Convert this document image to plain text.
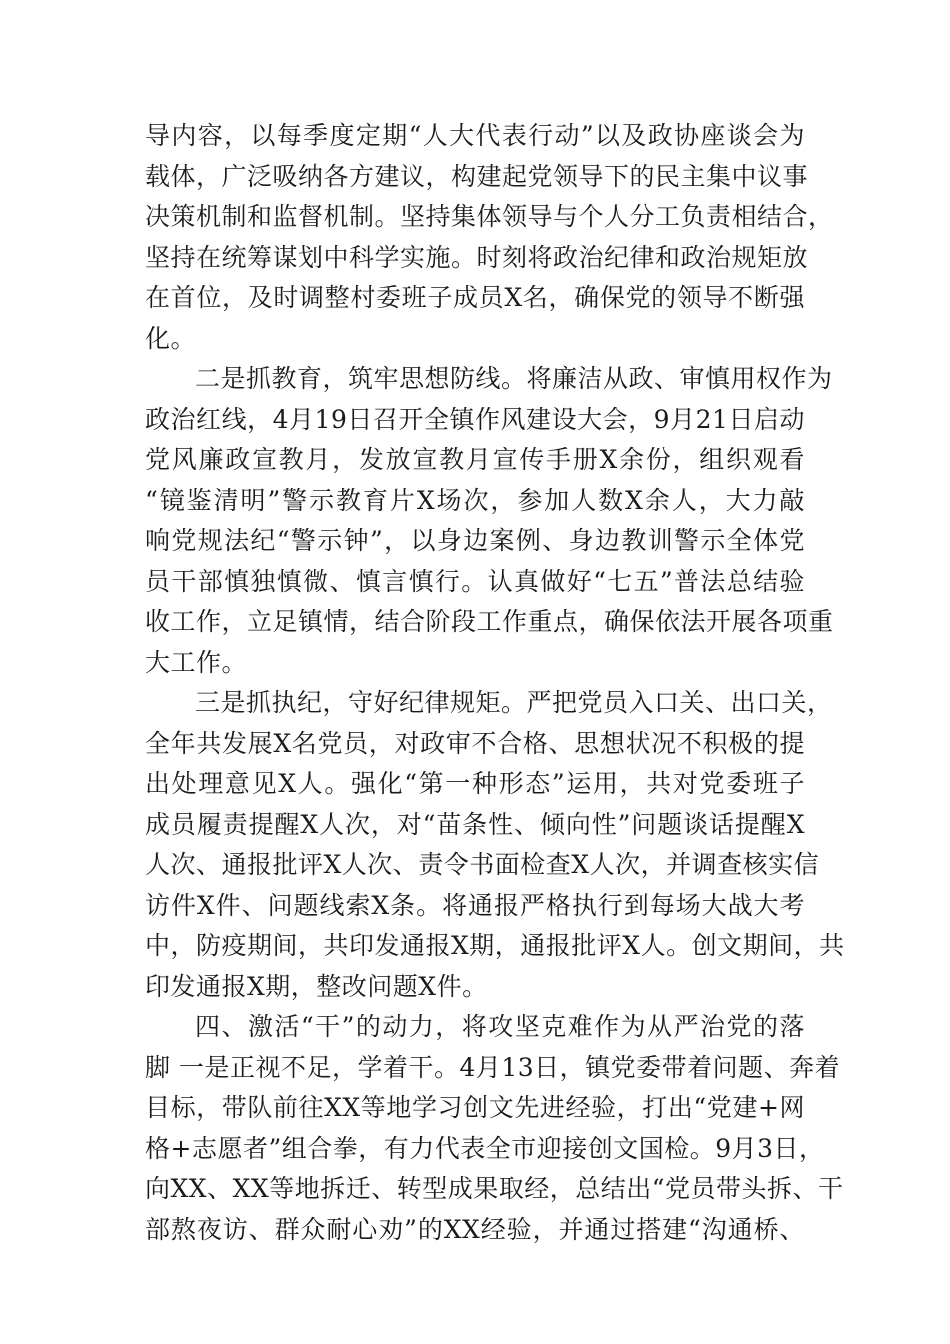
导内容，以每季度定期“人大代表行动”以及政协座谈会为
载体，广泛吸纳各方建议，构建起党领导下的民主集中议事
决策机制和监督机制。坚持集体领导与个人分工负责相结合，
坚持在统筹谋划中科学实施。时刻将政治纪律和政治规矩放
在首位，及时调整村委班子成员Ⅹ名，确保党的领导不断强
化。
二是抓教育，筑牢思想防线。将廉洁从政、审慎用权作为
政治红线，4月19日召开全镇作风建设大会，9月21日启动
党风廉政宣教月，发放宣教月宣传手册Ⅹ余份，组织观看
“镜鉴清明”警示教育片Ⅹ场次，参加人数Ⅹ余人，大力敲
响党规法纪“警示钟”，以身边案例、身边教训警示全体党
员干部慎独慎微、慎言慎行。认真做好“七五”普法总结验
收工作，立足镇情，结合阶段工作重点，确保依法开展各项重
大工作。
三是抓执纪，守好纪律规矩。严把党员入口关、出口关，
全年共发展Ⅹ名党员，对政审不合格、思想状况不积极的提
出处理意见Ⅹ人。强化“第一种形态”运用，共对党委班子
成员履责提醒Ⅹ人次，对“苗条性、倾向性”问题谈话提醒Ⅹ
人次、通报批评Ⅹ人次、责令书面检查Ⅹ人次，并调查核实信
访件Ⅹ件、问题线索Ⅹ条。将通报严格执行到每场大战大考
中，防疫期间，共印发通报Ⅹ期，通报批评Ⅹ人。创文期间，共
印发通报Ⅹ期，整改问题Ⅹ件。
四、激活“干”的动力，将攻坚克难作为从严治党的落
脚 一是正视不足，学着干。4月13日，镇党委带着问题、奔着
目标，带队前往XX等地学习创文先进经验，打出“党建+网
格+志愿者”组合拳，有力代表全市迎接创文国检。9月3日，
向XX、XX等地拆迁、转型成果取经，总结出“党员带头拆、干
部熬夜访、群众耐心劝”的XX经验，并通过搭建“沟通桥、
